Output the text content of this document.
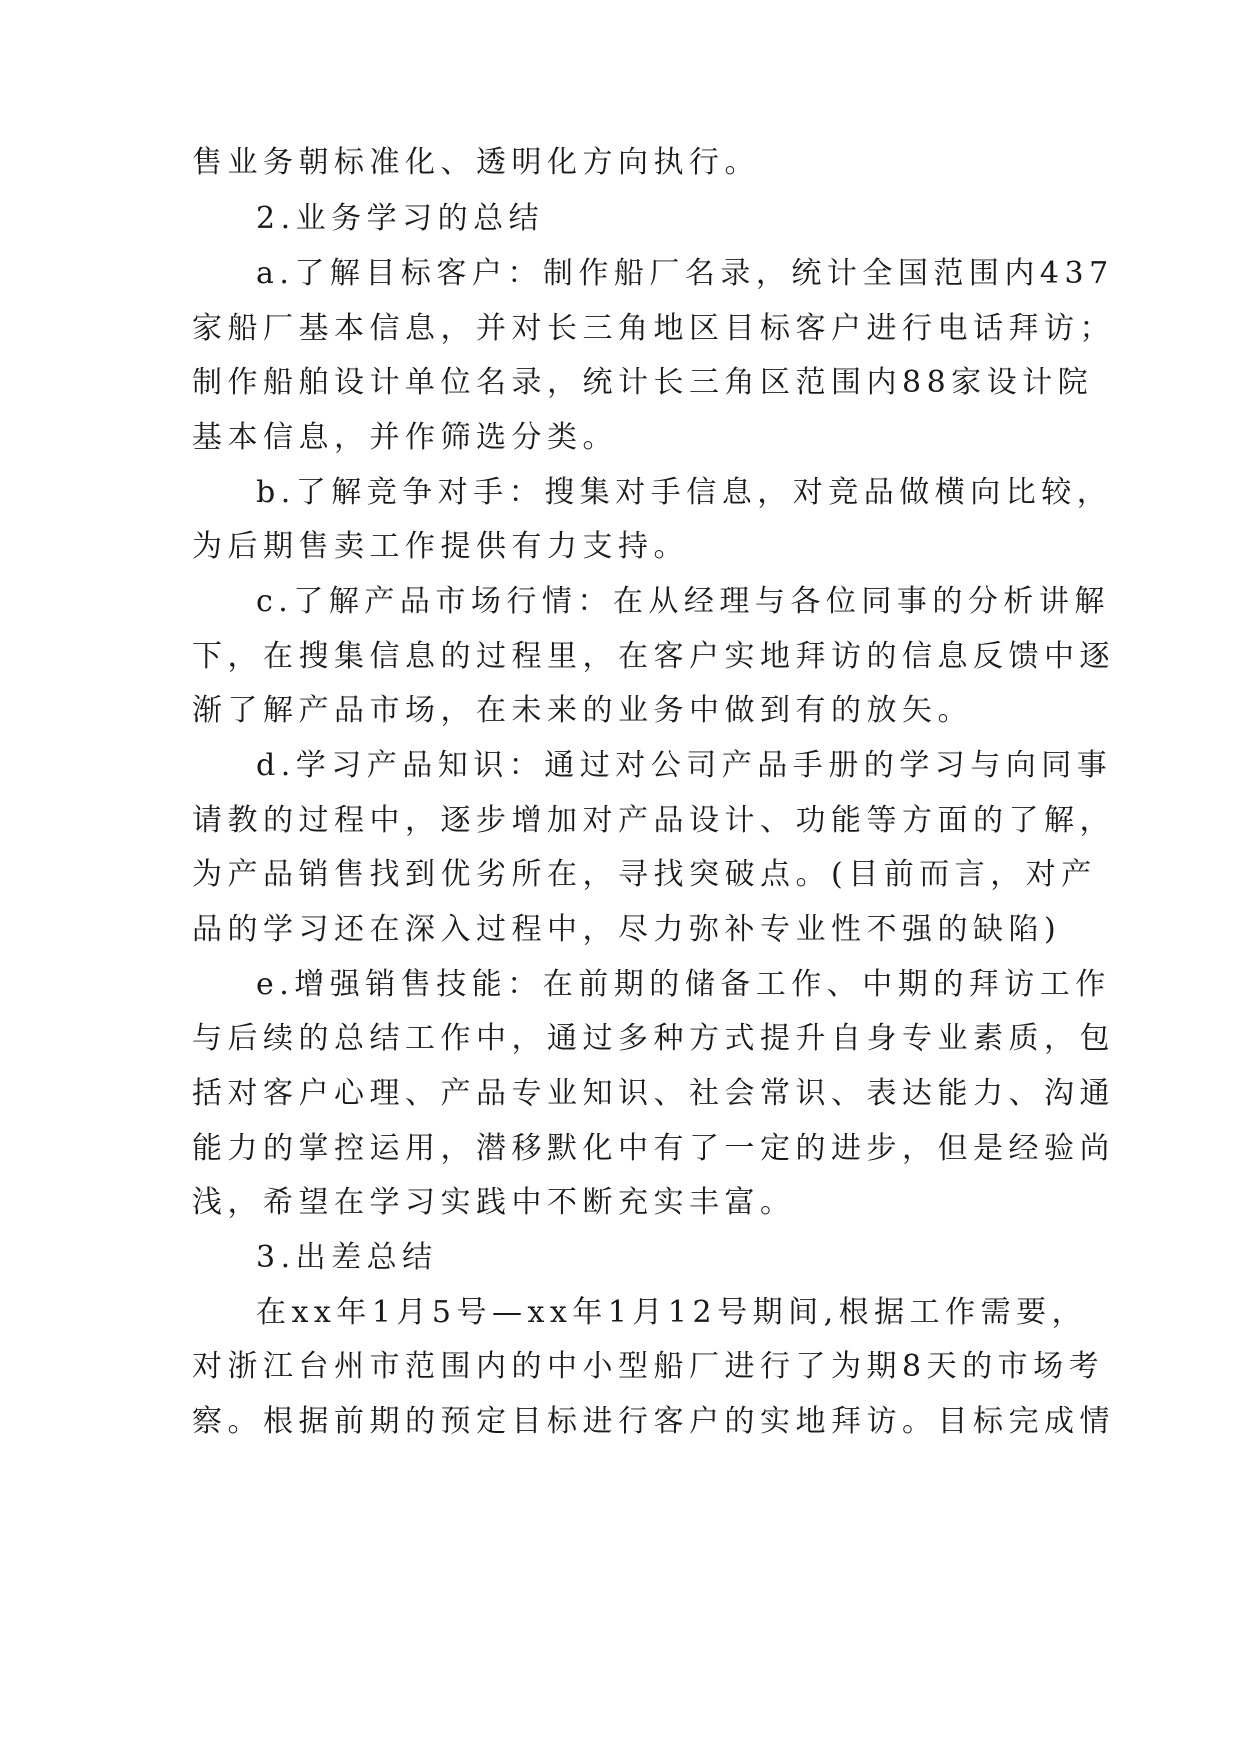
售业务朝标准化、透明化方向执行。
2.业务学习的总结
a.了解目标客户：制作船厂名录，统计全国范围内437
家船厂基本信息，并对长三角地区目标客户进行电话拜访；
制作船舶设计单位名录，统计长三角区范围内88家设计院
基本信息，并作筛选分类。
b.了解竞争对手：搜集对手信息，对竞品做横向比较，
为后期售卖工作提供有力支持。
c.了解产品市场行情：在从经理与各位同事的分析讲解
下，在搜集信息的过程里，在客户实地拜访的信息反馈中逐
渐了解产品市场，在未来的业务中做到有的放矢。
d.学习产品知识：通过对公司产品手册的学习与向同事
请教的过程中，逐步增加对产品设计、功能等方面的了解，
为产品销售找到优劣所在，寻找突破点。(目前而言，对产
品的学习还在深入过程中，尽力弥补专业性不强的缺陷)
e.增强销售技能：在前期的储备工作、中期的拜访工作
与后续的总结工作中，通过多种方式提升自身专业素质，包
括对客户心理、产品专业知识、社会常识、表达能力、沟通
能力的掌控运用，潜移默化中有了一定的进步，但是经验尚
浅，希望在学习实践中不断充实丰富。
3.出差总结
在xx年1月5号—xx年1月12号期间,根据工作需要，
对浙江台州市范围内的中小型船厂进行了为期8天的市场考
察。根据前期的预定目标进行客户的实地拜访。目标完成情
